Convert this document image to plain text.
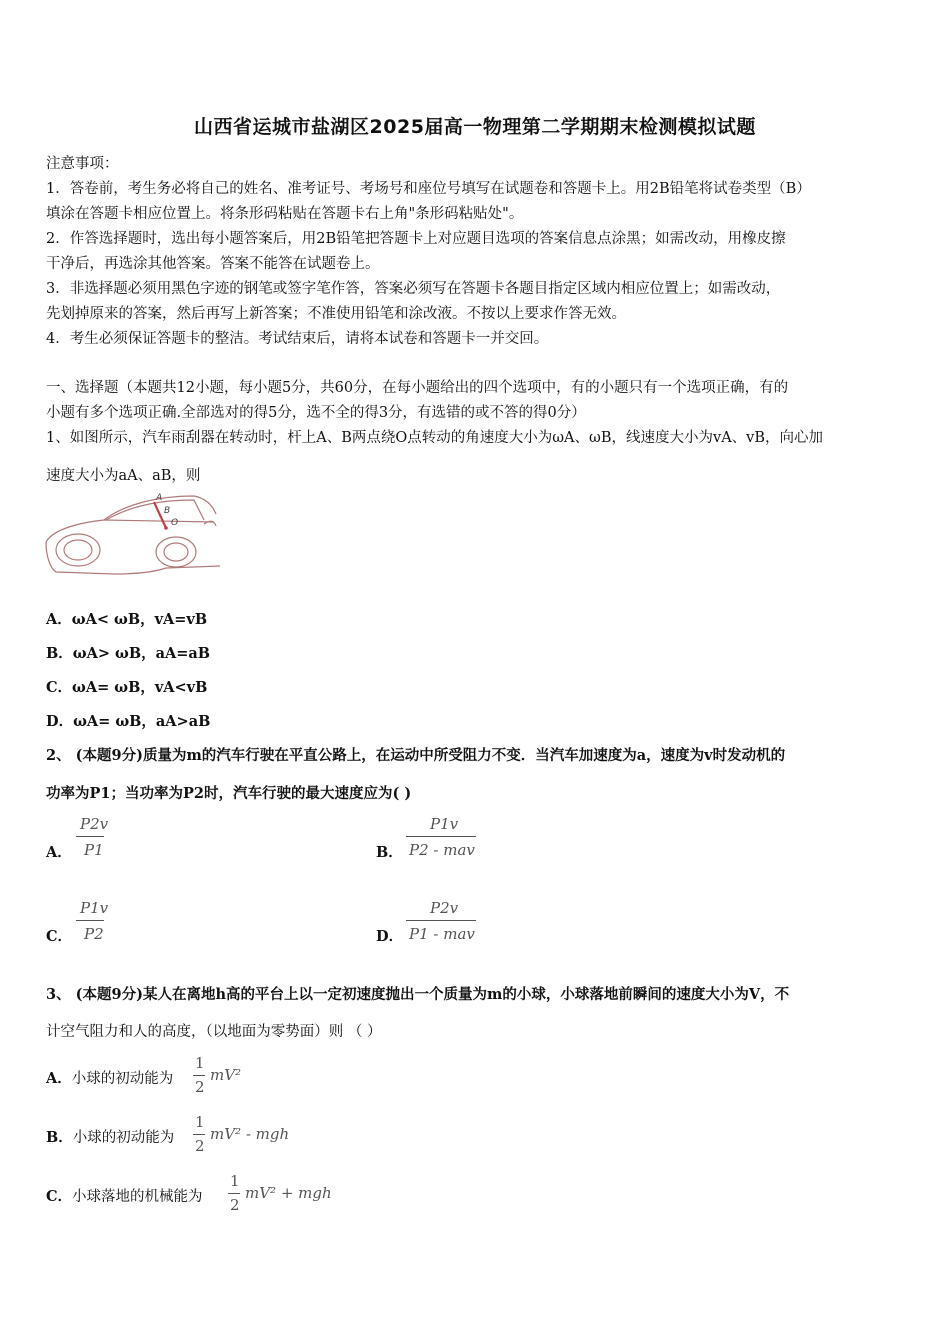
山西省运城市盐湖区2025届高一物理第二学期期末检测模拟试题
注意事项：
1．答卷前，考生务必将自己的姓名、准考证号、考场号和座位号填写在试题卷和答题卡上。用2B铅笔将试卷类型（B）
填涂在答题卡相应位置上。将条形码粘贴在答题卡右上角"条形码粘贴处"。
2．作答选择题时，选出每小题答案后，用2B铅笔把答题卡上对应题目选项的答案信息点涂黑；如需改动，用橡皮擦
干净后，再选涂其他答案。答案不能答在试题卷上。
3．非选择题必须用黑色字迹的钢笔或签字笔作答，答案必须写在答题卡各题目指定区域内相应位置上；如需改动，
先划掉原来的答案，然后再写上新答案；不准使用铅笔和涂改液。不按以上要求作答无效。
4．考生必须保证答题卡的整洁。考试结束后，请将本试卷和答题卡一并交回。
一、选择题（本题共12小题，每小题5分，共60分，在每小题给出的四个选项中，有的小题只有一个选项正确，有的
小题有多个选项正确.全部选对的得5分，选不全的得3分，有选错的或不答的得0分）
1、如图所示，汽车雨刮器在转动时，杆上A、B两点绕O点转动的角速度大小为ωA、ωB，线速度大小为vA、vB，向心加
速度大小为aA、aB，则
A
B
O
A．ωA< ωB，vA=vB
B．ωA> ωB，aA=aB
C．ωA= ωB，vA<vB
D．ωA= ωB，aA>aB
2、 (本题9分)质量为m的汽车行驶在平直公路上，在运动中所受阻力不变．当汽车加速度为a，速度为v时发动机的
功率为P1；当功率为P2时，汽车行驶的最大速度应为( )
A．
P2v
P1	B．
P1v
P2 - mav
C．
P1v
P2	D．
P2v
P1 - mav
3、 (本题9分)某人在离地h高的平台上以一定初速度抛出一个质量为m的小球，小球落地前瞬间的速度大小为V，不
计空气阻力和人的高度，（以地面为零势面）则 （ ）
A．小球的初动能为
1
2
mV²
B．小球的初动能为
1
2
mV² - mgh
C．小球落地的机械能为
1
2
mV² + mgh
